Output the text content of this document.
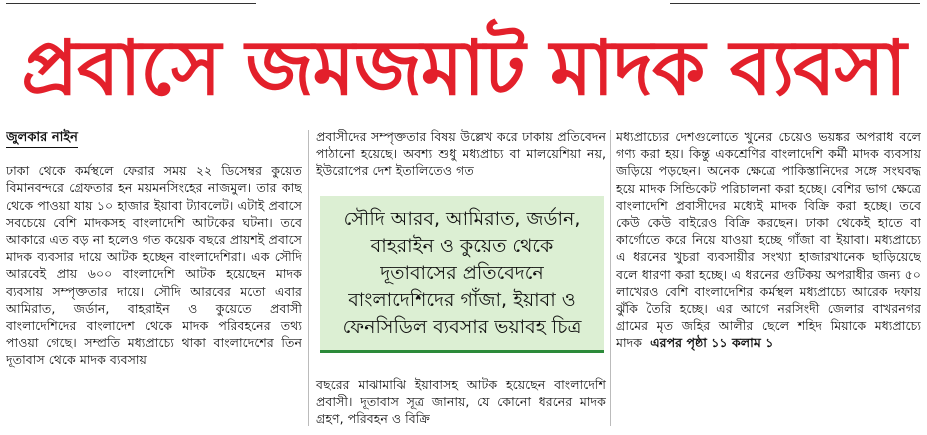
প্রবাসে জমজমাট মাদক ব্যবসা
জুলকার নাইন

ঢাকা থেকে কর্মস্থলে ফেরার সময় ২২ ডিসেম্বর কুয়েত বিমানবন্দরে গ্রেফতার হন ময়মনসিংহের নাজমুল। তার কাছ থেকে পাওয়া যায় ১০ হাজার ইয়াবা ট্যাবলেট। এটাই প্রবাসে সবচেয়ে বেশি মাদকসহ বাংলাদেশি আটকের ঘটনা। তবে আকারে এত বড় না হলেও গত কয়েক বছরে প্রায়শই প্রবাসে মাদক ব্যবসার দায়ে আটক হচ্ছেন বাংলাদেশিরা। এক সৌদি আরবেই প্রায় ৬০০ বাংলাদেশি আটক হয়েছেন মাদক ব্যবসায় সম্পৃক্ততার দায়ে। সৌদি আরবের মতো এবার আমিরাত, জর্ডান, বাহরাইন ও কুয়েতে প্রবাসী বাংলাদেশিদের বাংলাদেশ থেকে মাদক পরিবহনের তথ্য পাওয়া গেছে। সম্প্রতি মধ্যপ্রাচ্যে থাকা বাংলাদেশের তিন দূতাবাস থেকে মাদক ব্যবসায়

প্রবাসীদের সম্পৃক্ততার বিষয় উল্লেখ করে ঢাকায় প্রতিবেদন পাঠানো হয়েছে। অবশ্য শুধু মধ্যপ্রাচ্য বা মালয়েশিয়া নয়, ইউরোপের দেশ ইতালিতেও গত

সৌদি আরব, আমিরাত, জর্ডান,
বাহরাইন ও কুয়েত থেকে
দূতাবাসের প্রতিবেদনে
বাংলাদেশিদের গাঁজা, ইয়াবা ও
ফেনসিডিল ব্যবসার ভয়াবহ চিত্র

বছরের মাঝামাঝি ইয়াবাসহ আটক হয়েছেন বাংলাদেশি প্রবাসী। দূতাবাস সূত্র জানায়, যে কোনো ধরনের মাদক গ্রহণ, পরিবহন ও বিক্রি

মধ্যপ্রাচ্যের দেশগুলোতে খুনের চেয়েও ভয়ঙ্কর অপরাধ বলে গণ্য করা হয়। কিন্তু একশ্রেণির বাংলাদেশি কর্মী মাদক ব্যবসায় জড়িয়ে পড়ছেন। অনেক ক্ষেত্রে পাকিস্তানিদের সঙ্গে সংঘবদ্ধ হয়ে মাদক সিন্ডিকেট পরিচালনা করা হচ্ছে। বেশির ভাগ ক্ষেত্রে বাংলাদেশি প্রবাসীদের মধ্যেই মাদক বিক্রি করা হচ্ছে। তবে কেউ কেউ বাইরেও বিক্রি করছেন। ঢাকা থেকেই হাতে বা কার্গোতে করে নিয়ে যাওয়া হচ্ছে গাঁজা বা ইয়াবা। মধ্যপ্রাচ্যে এ ধরনের খুচরা ব্যবসায়ীর সংখ্যা হাজারখানেক ছাড়িয়েছে বলে ধারণা করা হচ্ছে। এ ধরনের গুটিকয় অপরাধীর জন্য ৫০ লাখেরও বেশি বাংলাদেশির কর্মস্থল মধ্যপ্রাচ্যে আরেক দফায় ঝুঁকি তৈরি হচ্ছে। এর আগে নরসিংদী জেলার বাখরনগর গ্রামের মৃত জহির আলীর ছেলে শহিদ মিয়াকে মধ্যপ্রাচ্যে মাদক এরপর পৃষ্ঠা ১১ কলাম ১
